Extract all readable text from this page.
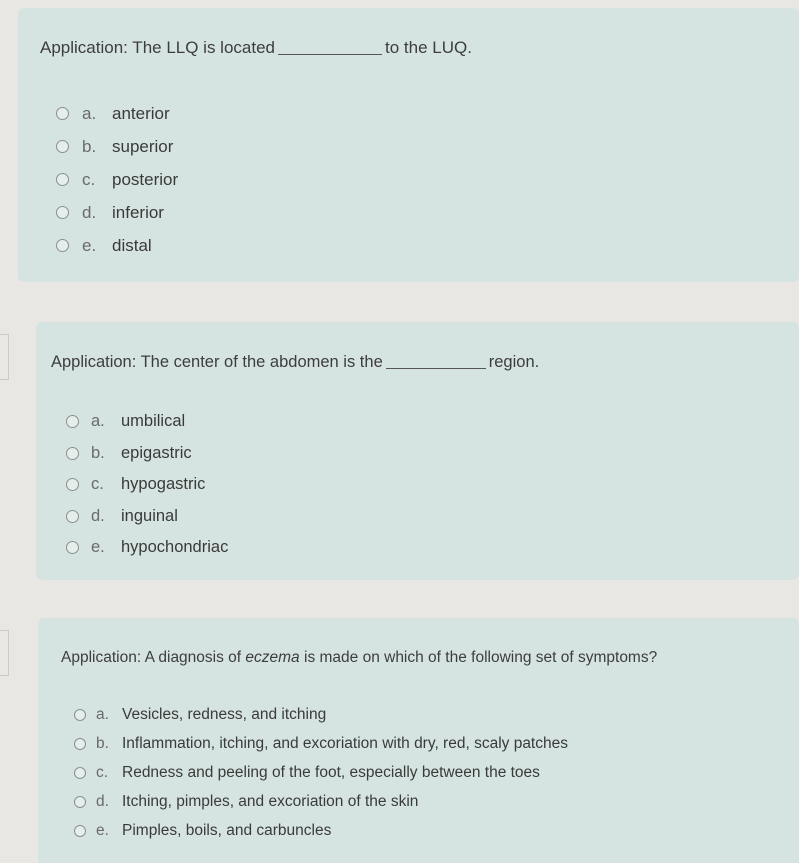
Application: The LLQ is located	to the LUQ.
a. anterior
b. superior
c. posterior
d. inferior
e. distal
Application: The center of the abdomen is the	region.
a. umbilical
b. epigastric
c.	hypogastric
d. inguinal
e. hypochondriac
Application: A diagnosis of eczema is made on which of the following set of symptoms?
a. Vesicles, redness, and itching
b. Inflammation, itching, and excoriation with dry, red, scaly patches
c. Redness and peeling of the foot, especially between the toes
d. Itching, pimples, and excoriation of the skin
e. Pimples, boils, and carbuncles
